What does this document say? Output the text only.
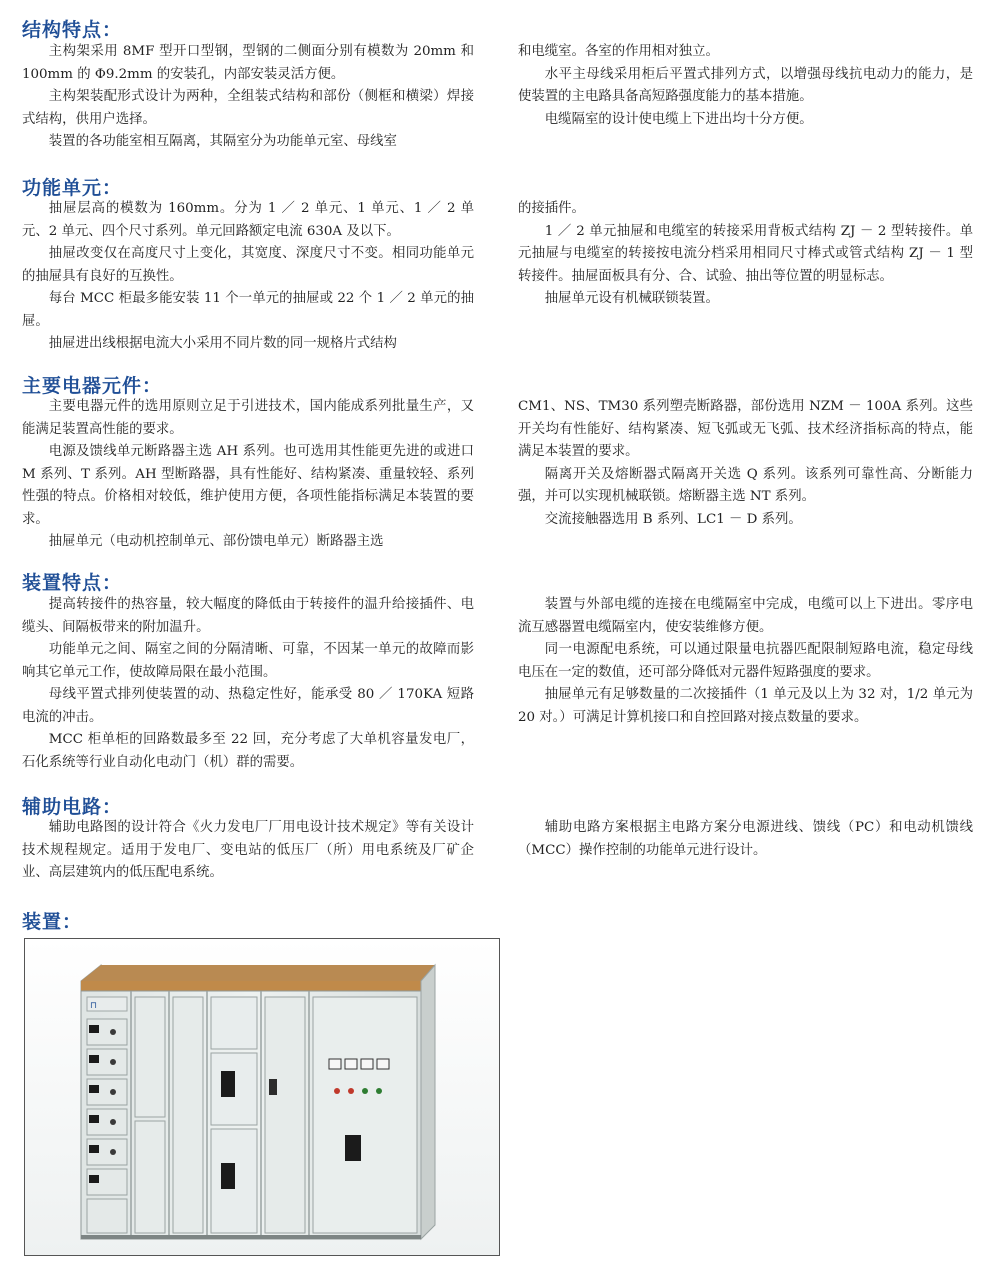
结构特点：

主构架采用 8MF 型开口型钢，型钢的二侧面分别有模数为 20mm 和 100mm 的 Φ9.2mm 的安装孔，内部安装灵活方便。

主构架装配形式设计为两种，全组装式结构和部份（侧框和横梁）焊接式结构，供用户选择。

装置的各功能室相互隔离，其隔室分为功能单元室、母线室

和电缆室。各室的作用相对独立。

水平主母线采用柜后平置式排列方式，以增强母线抗电动力的能力，是使装置的主电路具备高短路强度能力的基本措施。

电缆隔室的设计使电缆上下进出均十分方便。

功能单元：

抽屉层高的模数为 160mm。分为 1 ／ 2 单元、1 单元、1 ／ 2 单元、2 单元、四个尺寸系列。单元回路额定电流 630A 及以下。

抽屉改变仅在高度尺寸上变化，其宽度、深度尺寸不变。相同功能单元的抽屉具有良好的互换性。

每台 MCC 柜最多能安装 11 个一单元的抽屉或 22 个 1 ／ 2 单元的抽屉。

抽屉进出线根据电流大小采用不同片数的同一规格片式结构

的接插件。

1 ／ 2 单元抽屉和电缆室的转接采用背板式结构 ZJ － 2 型转接件。单元抽屉与电缆室的转接按电流分档采用相同尺寸棒式或管式结构 ZJ － 1 型转接件。抽屉面板具有分、合、试验、抽出等位置的明显标志。

抽屉单元设有机械联锁装置。

主要电器元件：

主要电器元件的选用原则立足于引进技术，国内能成系列批量生产，又能满足装置高性能的要求。

电源及馈线单元断路器主选 AH 系列。也可选用其性能更先进的或进口 M 系列、T 系列。AH 型断路器，具有性能好、结构紧凑、重量较轻、系列性强的特点。价格相对较低，维护使用方便，各项性能指标满足本装置的要求。

抽屉单元（电动机控制单元、部份馈电单元）断路器主选

CM1、NS、TM30 系列塑壳断路器，部份选用 NZM － 100A 系列。这些开关均有性能好、结构紧凑、短飞弧或无飞弧、技术经济指标高的特点，能满足本装置的要求。

隔离开关及熔断器式隔离开关选 Q 系列。该系列可靠性高、分断能力强，并可以实现机械联锁。熔断器主选 NT 系列。

交流接触器选用 B 系列、LC1 － D 系列。

装置特点：

提高转接件的热容量，较大幅度的降低由于转接件的温升给接插件、电缆头、间隔板带来的附加温升。

功能单元之间、隔室之间的分隔清晰、可靠，不因某一单元的故障而影响其它单元工作，使故障局限在最小范围。

母线平置式排列使装置的动、热稳定性好，能承受 80 ／ 170KA 短路电流的冲击。

MCC 柜单柜的回路数最多至 22 回，充分考虑了大单机容量发电厂，石化系统等行业自动化电动门（机）群的需要。

装置与外部电缆的连接在电缆隔室中完成，电缆可以上下进出。零序电流互感器置电缆隔室内，使安装维修方便。

同一电源配电系统，可以通过限量电抗器匹配限制短路电流，稳定母线电压在一定的数值，还可部分降低对元器件短路强度的要求。

抽屉单元有足够数量的二次接插件（1 单元及以上为 32 对，1/2 单元为 20 对。）可满足计算机接口和自控回路对接点数量的要求。

辅助电路：

辅助电路图的设计符合《火力发电厂厂用电设计技术规定》等有关设计技术规程规定。适用于发电厂、变电站的低压厂（所）用电系统及厂矿企业、高层建筑内的低压配电系统。

辅助电路方案根据主电路方案分电源进线、馈线（PC）和电动机馈线（MCC）操作控制的功能单元进行设计。

装置：
⊓
